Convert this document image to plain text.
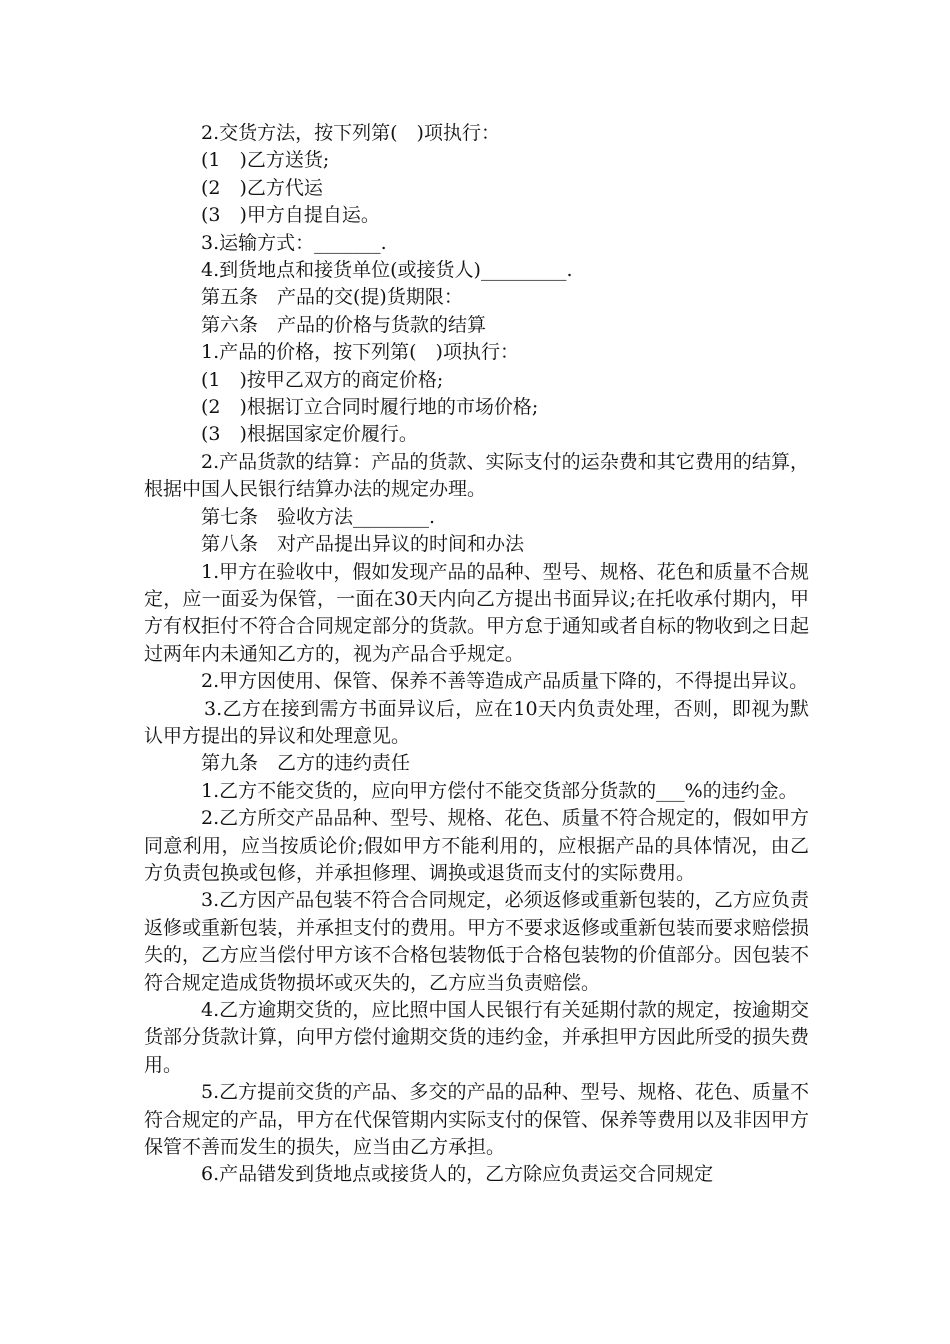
2.交货方法，按下列第(　)项执行：

(1　)乙方送货;

(2　)乙方代运

(3　)甲方自提自运。

3.运输方式：_______.

4.到货地点和接货单位(或接货人)_________.

第五条　产品的交(提)货期限：

第六条　产品的价格与货款的结算

1.产品的价格，按下列第(　)项执行：

(1　)按甲乙双方的商定价格;

(2　)根据订立合同时履行地的市场价格;

(3　)根据国家定价履行。

2.产品货款的结算：产品的货款、实际支付的运杂费和其它费用的结算，根据中国人民银行结算办法的规定办理。

第七条　验收方法________.

第八条　对产品提出异议的时间和办法

1.甲方在验收中，假如发现产品的品种、型号、规格、花色和质量不合规定，应一面妥为保管，一面在30天内向乙方提出书面异议;在托收承付期内，甲方有权拒付不符合合同规定部分的货款。甲方怠于通知或者自标的物收到之日起过两年内未通知乙方的，视为产品合乎规定。

2.甲方因使用、保管、保养不善等造成产品质量下降的，不得提出异议。

3.乙方在接到需方书面异议后，应在10天内负责处理，否则，即视为默认甲方提出的异议和处理意见。

第九条　乙方的违约责任

1.乙方不能交货的，应向甲方偿付不能交货部分货款的___%的违约金。

2.乙方所交产品品种、型号、规格、花色、质量不符合规定的，假如甲方同意利用，应当按质论价;假如甲方不能利用的，应根据产品的具体情况，由乙方负责包换或包修，并承担修理、调换或退货而支付的实际费用。

3.乙方因产品包装不符合合同规定，必须返修或重新包装的，乙方应负责返修或重新包装，并承担支付的费用。甲方不要求返修或重新包装而要求赔偿损失的，乙方应当偿付甲方该不合格包装物低于合格包装物的价值部分。因包装不符合规定造成货物损坏或灭失的，乙方应当负责赔偿。

4.乙方逾期交货的，应比照中国人民银行有关延期付款的规定，按逾期交货部分货款计算，向甲方偿付逾期交货的违约金，并承担甲方因此所受的损失费用。

5.乙方提前交货的产品、多交的产品的品种、型号、规格、花色、质量不符合规定的产品，甲方在代保管期内实际支付的保管、保养等费用以及非因甲方保管不善而发生的损失，应当由乙方承担。

6.产品错发到货地点或接货人的，乙方除应负责运交合同规定
